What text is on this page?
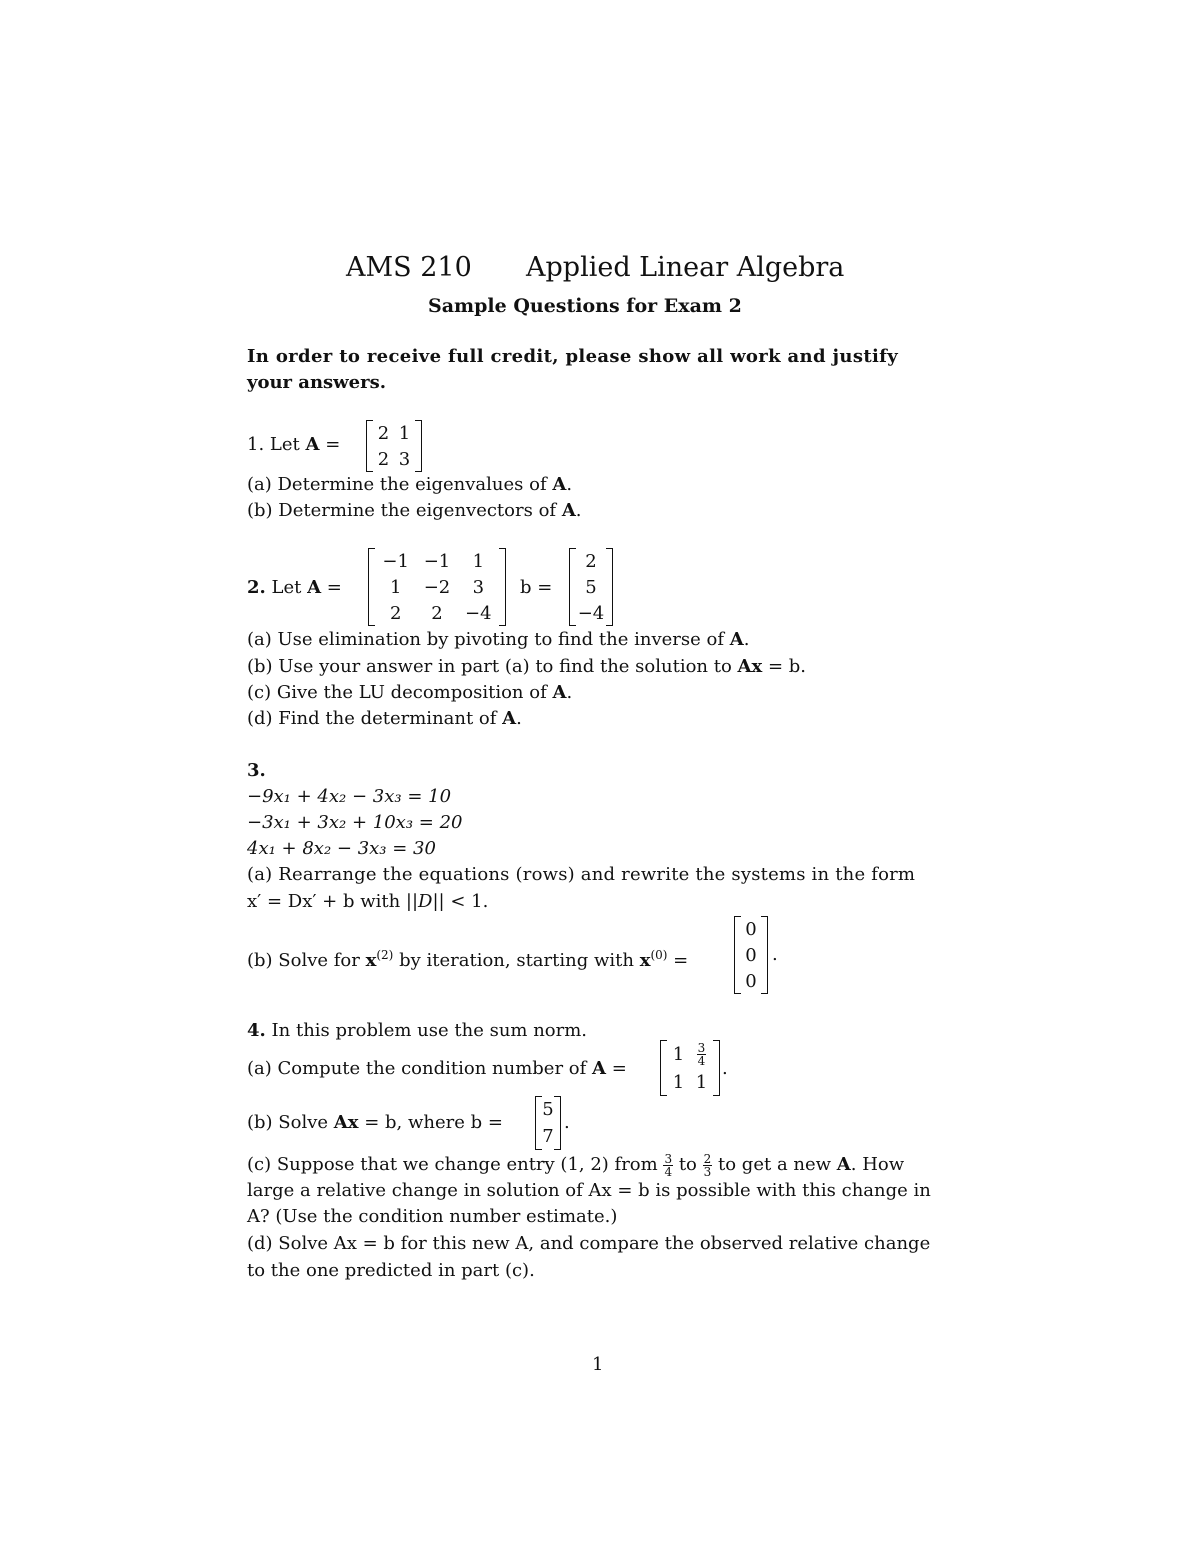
AMS 210 Applied Linear Algebra
Sample Questions for Exam 2
In order to receive full credit, please show all work and justify
your answers.
1. Let A =
2 1
2 3
(a) Determine the eigenvalues of A.
(b) Determine the eigenvectors of A.
2. Let A =
−1 −1	1
1	−2	3
2	2	−4
b =
2
5
−4
(a) Use elimination by pivoting to find the inverse of A.
(b) Use your answer in part (a) to find the solution to Ax = b.
(c) Give the LU decomposition of A.
(d) Find the determinant of A.
3.
−9x₁ + 4x₂ − 3x₃ = 10
−3x₁ + 3x₂ + 10x₃ = 20
4x₁ + 8x₂ − 3x₃ = 30
(a) Rearrange the equations (rows) and rewrite the systems in the form
x′ = Dx′ + b with ||D|| < 1.
(b) Solve for $x^{(2)}$ by iteration, starting with $x^{(0)}$ =
0
0
0
.
4. In this problem use the sum norm.
(a) Compute the condition number of A =
1	$\frac{3}{4}$
1 1
.
(b) Solve Ax = b, where b =
5
7
.
(c) Suppose that we change entry (1, 2) from $\frac{3}{4}$ to $\frac{2}{3}$ to get a new A. How
large a relative change in solution of Ax = b is possible with this change in
A? (Use the condition number estimate.)
(d) Solve Ax = b for this new A, and compare the observed relative change
to the one predicted in part (c).
1
